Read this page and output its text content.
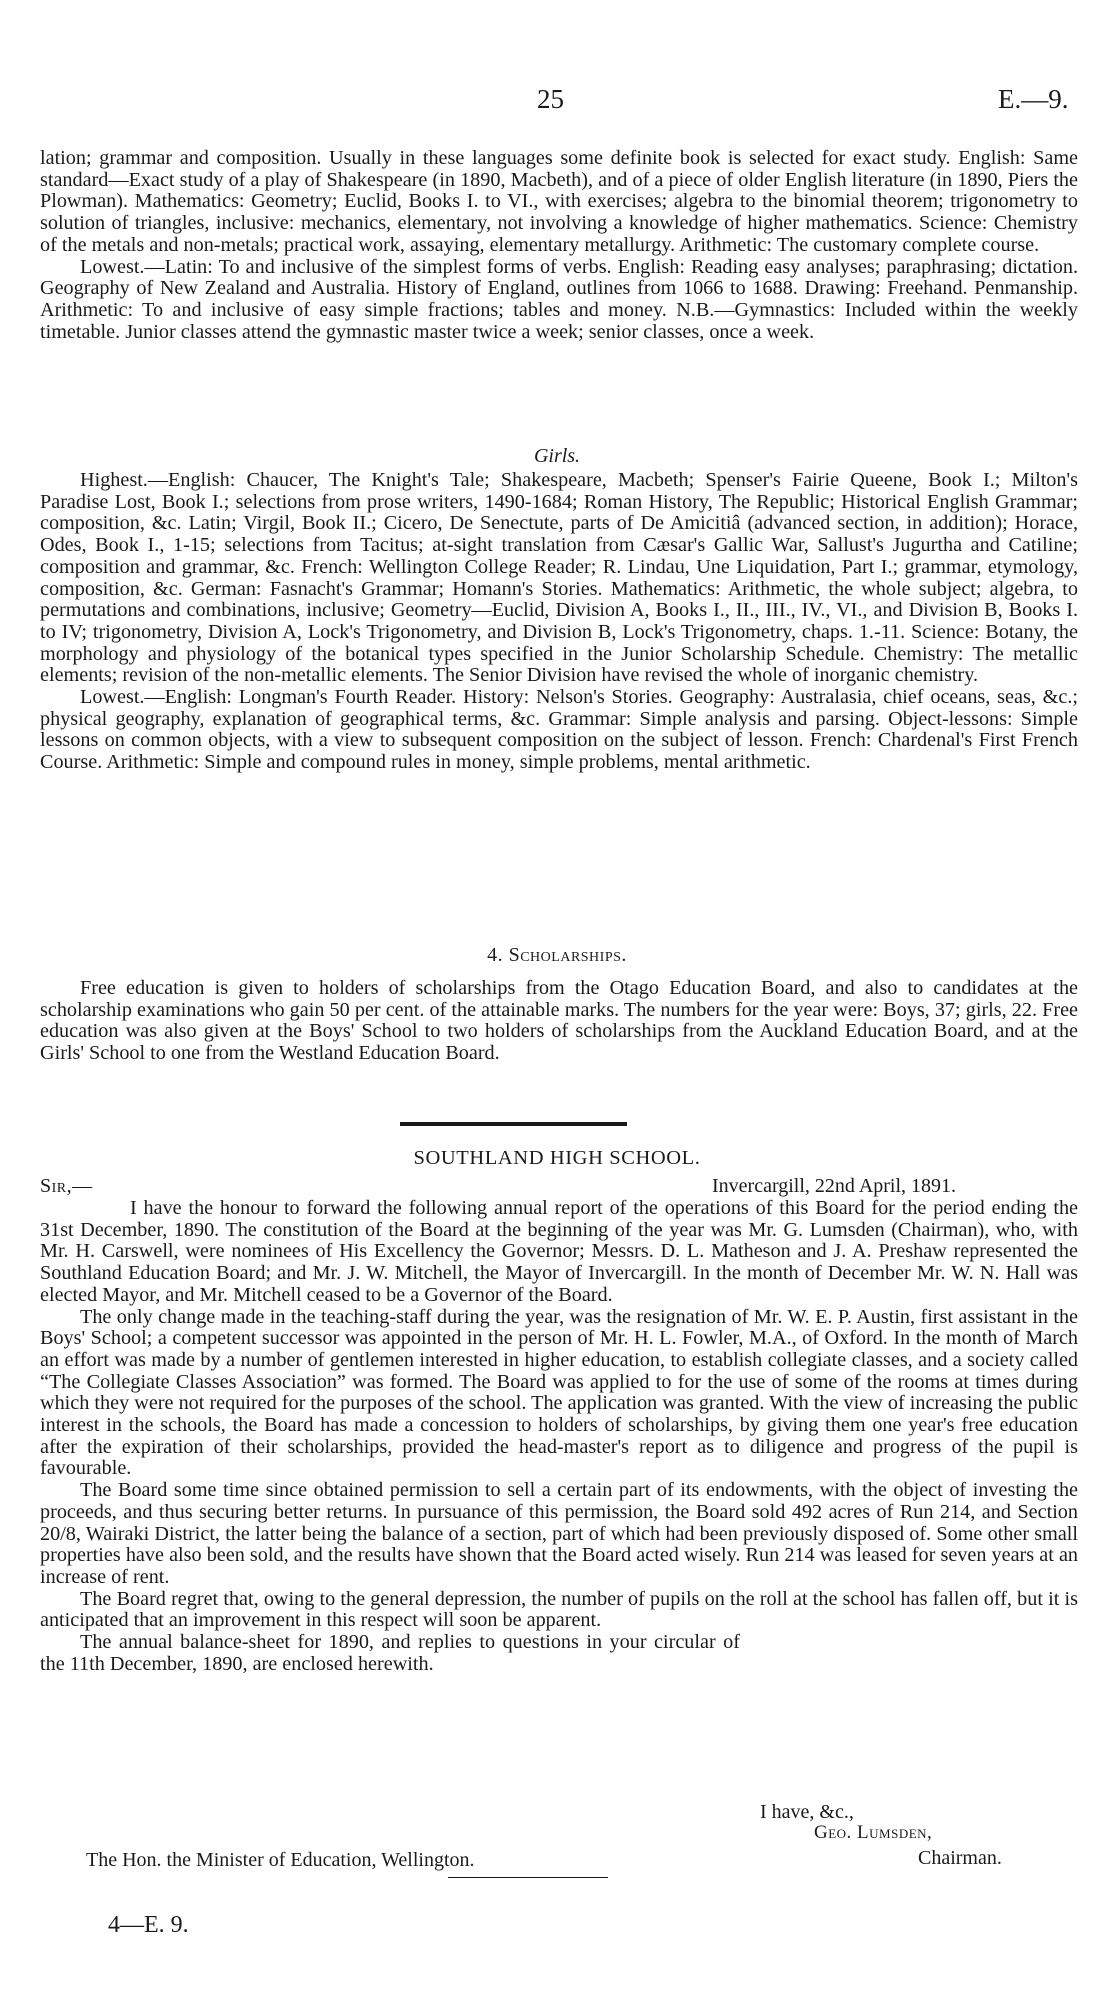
25	E.—9.

lation; grammar and composition. Usually in these languages some definite book is selected for exact study. English: Same standard—Exact study of a play of Shakespeare (in 1890, Macbeth), and of a piece of older English literature (in 1890, Piers the Plowman). Mathematics: Geometry; Euclid, Books I. to VI., with exercises; algebra to the binomial theorem; trigonometry to solution of triangles, inclusive: mechanics, elementary, not involving a knowledge of higher mathematics. Science: Chemistry of the metals and non-metals; practical work, assaying, elementary metallurgy. Arithmetic: The customary complete course.

Lowest.—Latin: To and inclusive of the simplest forms of verbs. English: Reading easy analyses; paraphrasing; dictation. Geography of New Zealand and Australia. History of England, outlines from 1066 to 1688. Drawing: Freehand. Penmanship. Arithmetic: To and inclusive of easy simple fractions; tables and money. N.B.—Gymnastics: Included within the weekly timetable. Junior classes attend the gymnastic master twice a week; senior classes, once a week.

Girls.

Highest.—English: Chaucer, The Knight's Tale; Shakespeare, Macbeth; Spenser's Fairie Queene, Book I.; Milton's Paradise Lost, Book I.; selections from prose writers, 1490-1684; Roman History, The Republic; Historical English Grammar; composition, &c. Latin; Virgil, Book II.; Cicero, De Senectute, parts of De Amicitiâ (advanced section, in addition); Horace, Odes, Book I., 1-15; selections from Tacitus; at-sight translation from Cæsar's Gallic War, Sallust's Jugurtha and Catiline; composition and grammar, &c. French: Wellington College Reader; R. Lindau, Une Liquidation, Part I.; grammar, etymology, composition, &c. German: Fasnacht's Grammar; Homann's Stories. Mathematics: Arithmetic, the whole subject; algebra, to permutations and combinations, inclusive; Geometry—Euclid, Division A, Books I., II., III., IV., VI., and Division B, Books I. to IV; trigonometry, Division A, Lock's Trigonometry, and Division B, Lock's Trigonometry, chaps. 1.-11. Science: Botany, the morphology and physiology of the botanical types specified in the Junior Scholarship Schedule. Chemistry: The metallic elements; revision of the non-metallic elements. The Senior Division have revised the whole of inorganic chemistry.

Lowest.—English: Longman's Fourth Reader. History: Nelson's Stories. Geography: Australasia, chief oceans, seas, &c.; physical geography, explanation of geographical terms, &c. Grammar: Simple analysis and parsing. Object-lessons: Simple lessons on common objects, with a view to subsequent composition on the subject of lesson. French: Chardenal's First French Course. Arithmetic: Simple and compound rules in money, simple problems, mental arithmetic.

4. Scholarships.

Free education is given to holders of scholarships from the Otago Education Board, and also to candidates at the scholarship examinations who gain 50 per cent. of the attainable marks. The numbers for the year were: Boys, 37; girls, 22. Free education was also given at the Boys' School to two holders of scholarships from the Auckland Education Board, and at the Girls' School to one from the Westland Education Board.

SOUTHLAND HIGH SCHOOL.
Sir,—	Invercargill, 22nd April, 1891.

I have the honour to forward the following annual report of the operations of this Board for the period ending the 31st December, 1890. The constitution of the Board at the beginning of the year was Mr. G. Lumsden (Chairman), who, with Mr. H. Carswell, were nominees of His Excellency the Governor; Messrs. D. L. Matheson and J. A. Preshaw represented the Southland Education Board; and Mr. J. W. Mitchell, the Mayor of Invercargill. In the month of December Mr. W. N. Hall was elected Mayor, and Mr. Mitchell ceased to be a Governor of the Board.

The only change made in the teaching-staff during the year, was the resignation of Mr. W. E. P. Austin, first assistant in the Boys' School; a competent successor was appointed in the person of Mr. H. L. Fowler, M.A., of Oxford. In the month of March an effort was made by a number of gentlemen interested in higher education, to establish collegiate classes, and a society called “The Collegiate Classes Association” was formed. The Board was applied to for the use of some of the rooms at times during which they were not required for the purposes of the school. The application was granted. With the view of increasing the public interest in the schools, the Board has made a concession to holders of scholarships, by giving them one year's free education after the expiration of their scholarships, provided the head-master's report as to diligence and progress of the pupil is favourable.

The Board some time since obtained permission to sell a certain part of its endowments, with the object of investing the proceeds, and thus securing better returns. In pursuance of this permission, the Board sold 492 acres of Run 214, and Section 20/8, Wairaki District, the latter being the balance of a section, part of which had been previously disposed of. Some other small properties have also been sold, and the results have shown that the Board acted wisely. Run 214 was leased for seven years at an increase of rent.

The Board regret that, owing to the general depression, the number of pupils on the roll at the school has fallen off, but it is anticipated that an improvement in this respect will soon be apparent.

The annual balance-sheet for 1890, and replies to questions in your circular of the 11th December, 1890, are enclosed herewith.

I have, &c.,
Geo. Lumsden,
Chairman.
The Hon. the Minister of Education, Wellington.
4—E. 9.
